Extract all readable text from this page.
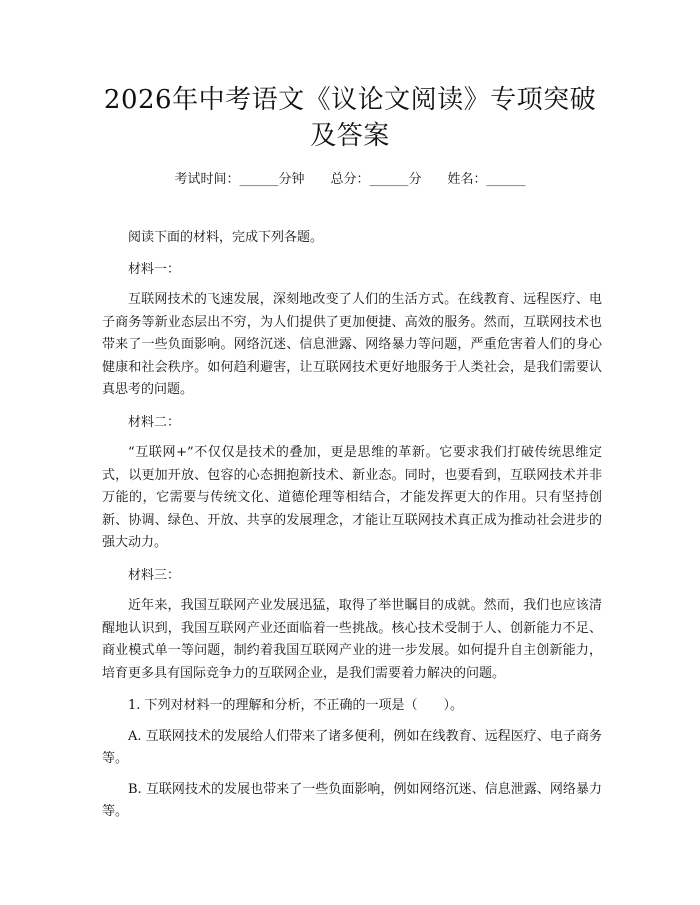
2026年中考语文《议论文阅读》专项突破及答案
考试时间：______分钟 总分：______分 姓名：______

阅读下面的材料，完成下列各题。

材料一：

互联网技术的飞速发展，深刻地改变了人们的生活方式。在线教育、远程医疗、电子商务等新业态层出不穷，为人们提供了更加便捷、高效的服务。然而，互联网技术也带来了一些负面影响。网络沉迷、信息泄露、网络暴力等问题，严重危害着人们的身心健康和社会秩序。如何趋利避害，让互联网技术更好地服务于人类社会，是我们需要认真思考的问题。

材料二：

“互联网+”不仅仅是技术的叠加，更是思维的革新。它要求我们打破传统思维定式，以更加开放、包容的心态拥抱新技术、新业态。同时，也要看到，互联网技术并非万能的，它需要与传统文化、道德伦理等相结合，才能发挥更大的作用。只有坚持创新、协调、绿色、开放、共享的发展理念，才能让互联网技术真正成为推动社会进步的强大动力。

材料三：

近年来，我国互联网产业发展迅猛，取得了举世瞩目的成就。然而，我们也应该清醒地认识到，我国互联网产业还面临着一些挑战。核心技术受制于人、创新能力不足、商业模式单一等问题，制约着我国互联网产业的进一步发展。如何提升自主创新能力，培育更多具有国际竞争力的互联网企业，是我们需要着力解决的问题。

1. 下列对材料一的理解和分析，不正确的一项是（　　）。

A. 互联网技术的发展给人们带来了诸多便利，例如在线教育、远程医疗、电子商务等。

B. 互联网技术的发展也带来了一些负面影响，例如网络沉迷、信息泄露、网络暴力等。
